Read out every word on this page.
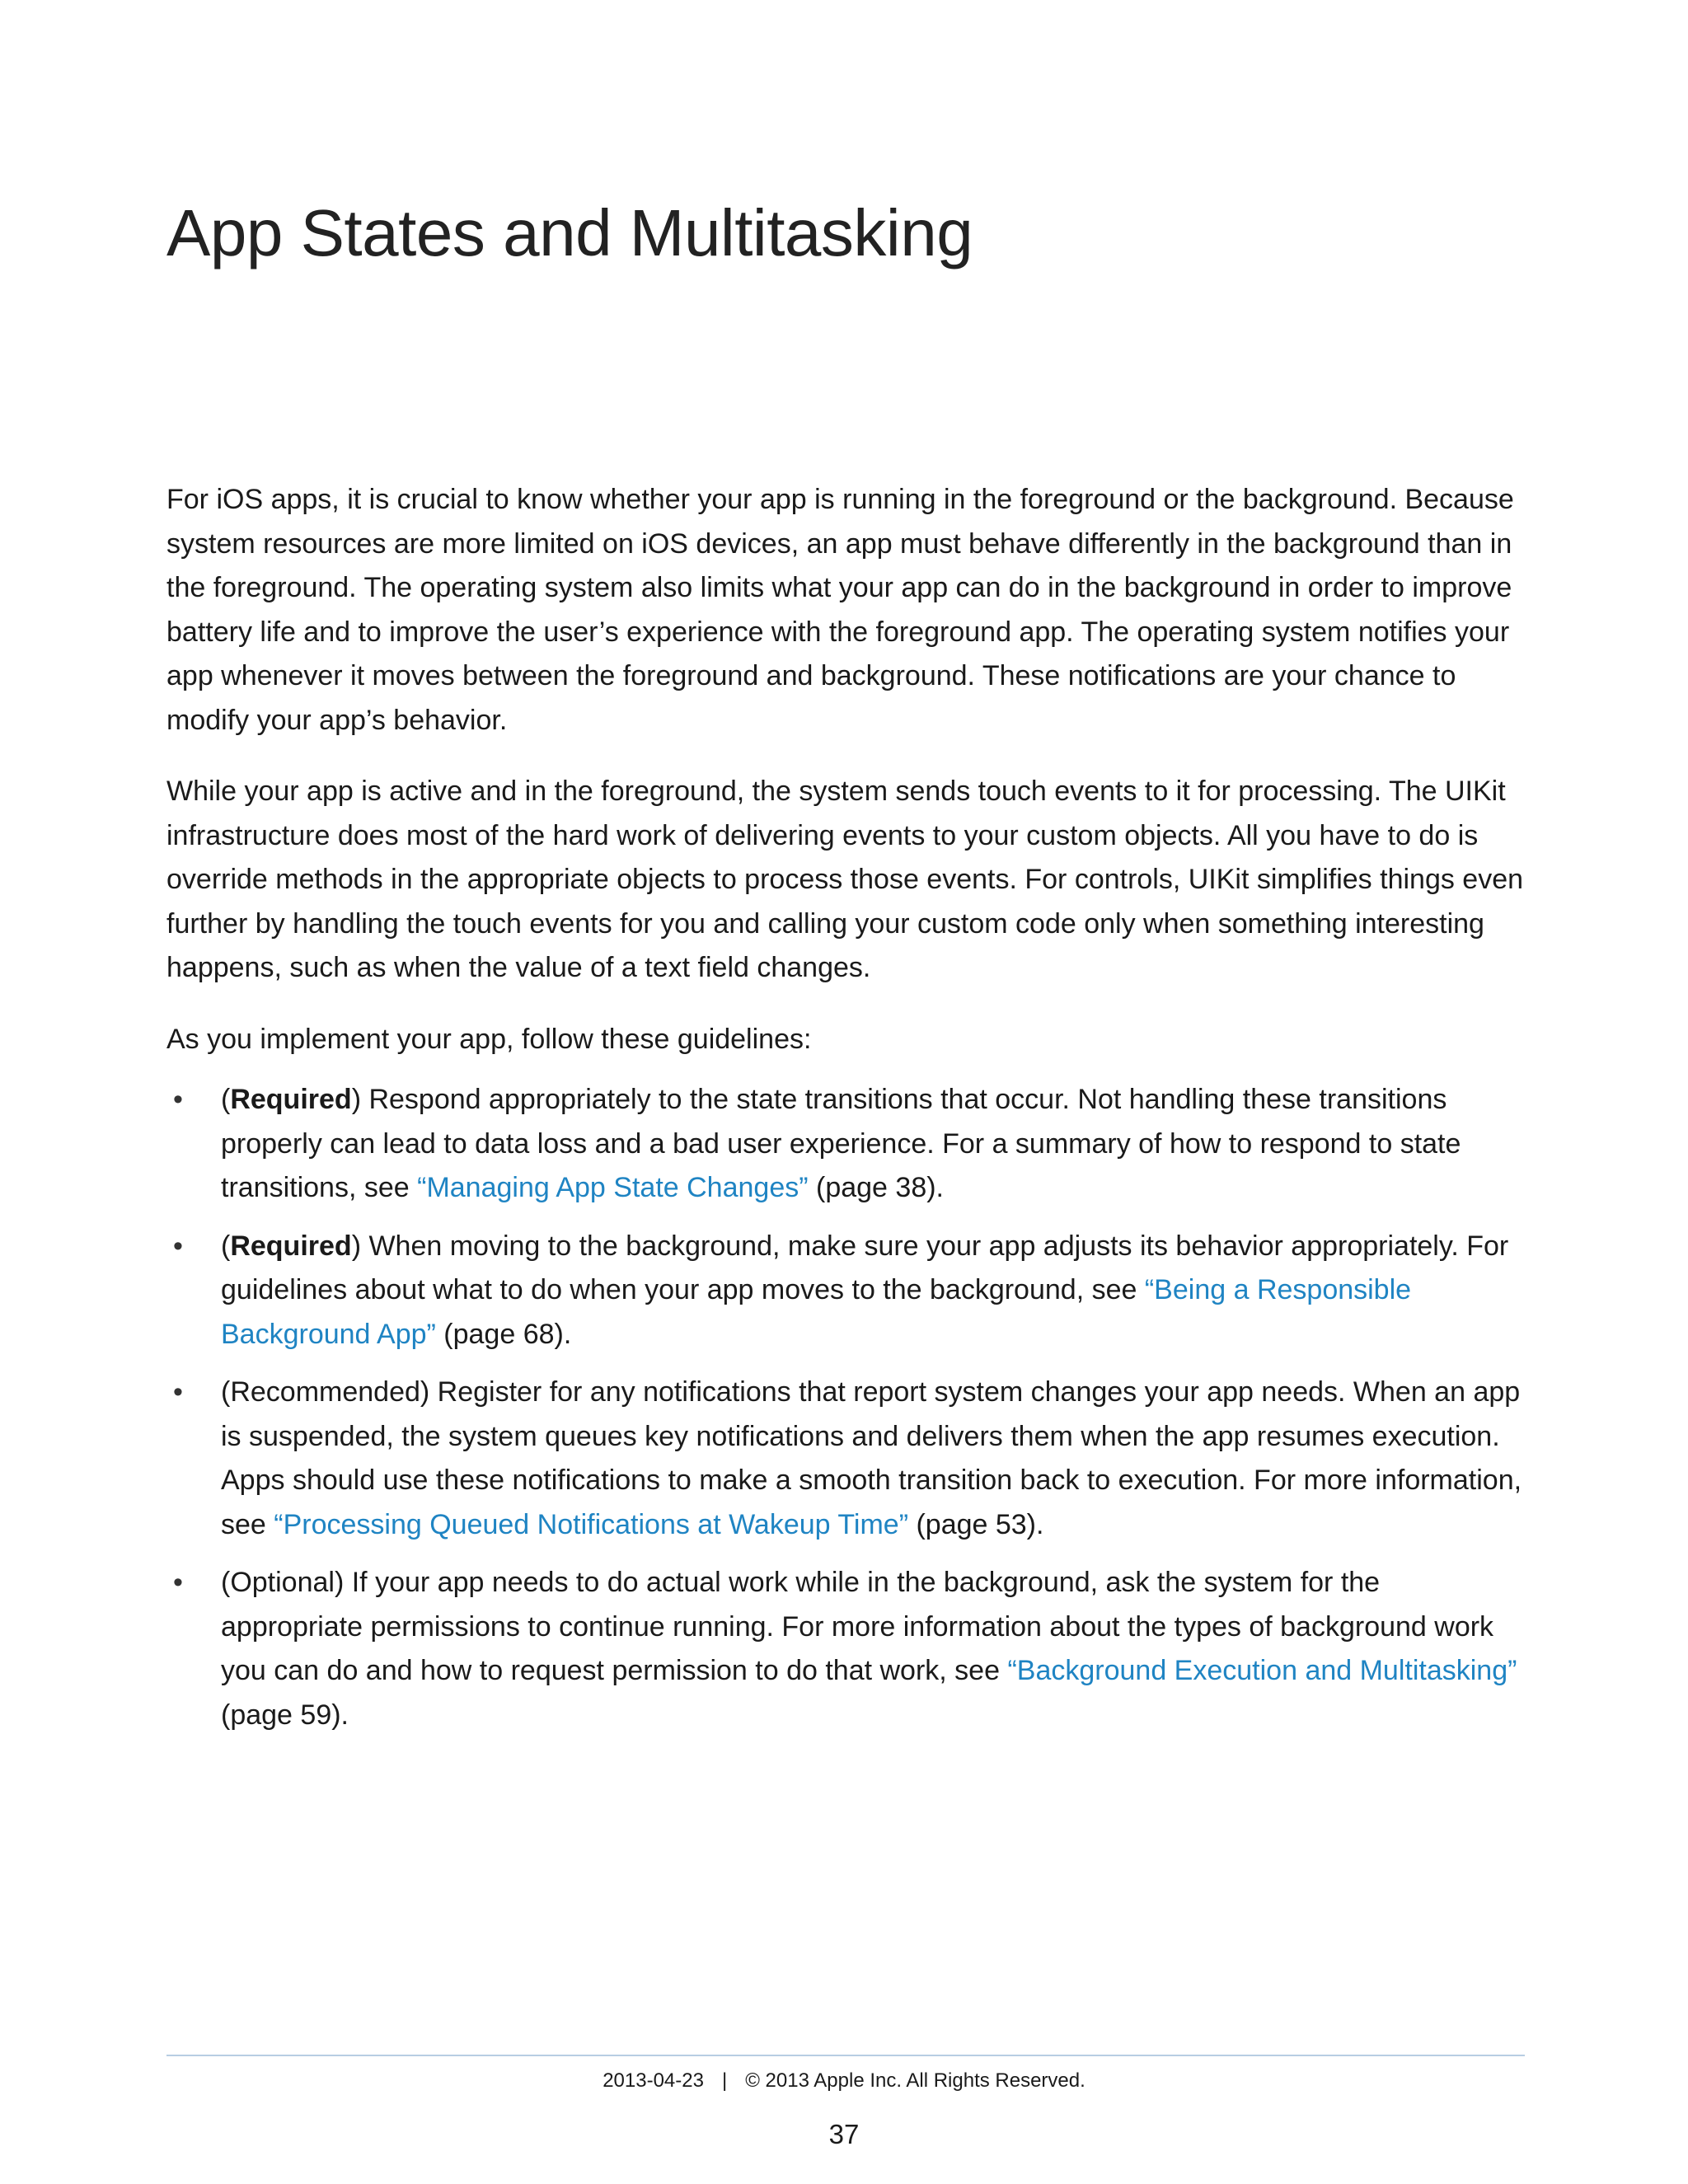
App States and Multitasking

For iOS apps, it is crucial to know whether your app is running in the foreground or the background. Because system resources are more limited on iOS devices, an app must behave differently in the background than in the foreground. The operating system also limits what your app can do in the background in order to improve battery life and to improve the user’s experience with the foreground app. The operating system notifies your app whenever it moves between the foreground and background. These notifications are your chance to modify your app’s behavior.

While your app is active and in the foreground, the system sends touch events to it for processing. The UIKit infrastructure does most of the hard work of delivering events to your custom objects. All you have to do is override methods in the appropriate objects to process those events. For controls, UIKit simplifies things even further by handling the touch events for you and calling your custom code only when something interesting happens, such as when the value of a text field changes.

As you implement your app, follow these guidelines:

• (Required) Respond appropriately to the state transitions that occur. Not handling these transitions properly can lead to data loss and a bad user experience. For a summary of how to respond to state transitions, see “Managing App State Changes” (page 38).
• (Required) When moving to the background, make sure your app adjusts its behavior appropriately. For guidelines about what to do when your app moves to the background, see “Being a Responsible Background App” (page 68).
• (Recommended) Register for any notifications that report system changes your app needs. When an app is suspended, the system queues key notifications and delivers them when the app resumes execution. Apps should use these notifications to make a smooth transition back to execution. For more information, see “Processing Queued Notifications at Wakeup Time” (page 53).
• (Optional) If your app needs to do actual work while in the background, ask the system for the appropriate permissions to continue running. For more information about the types of background work you can do and how to request permission to do that work, see “Background Execution and Multitasking” (page 59).
2013-04-23 | © 2013 Apple Inc. All Rights Reserved.
37
